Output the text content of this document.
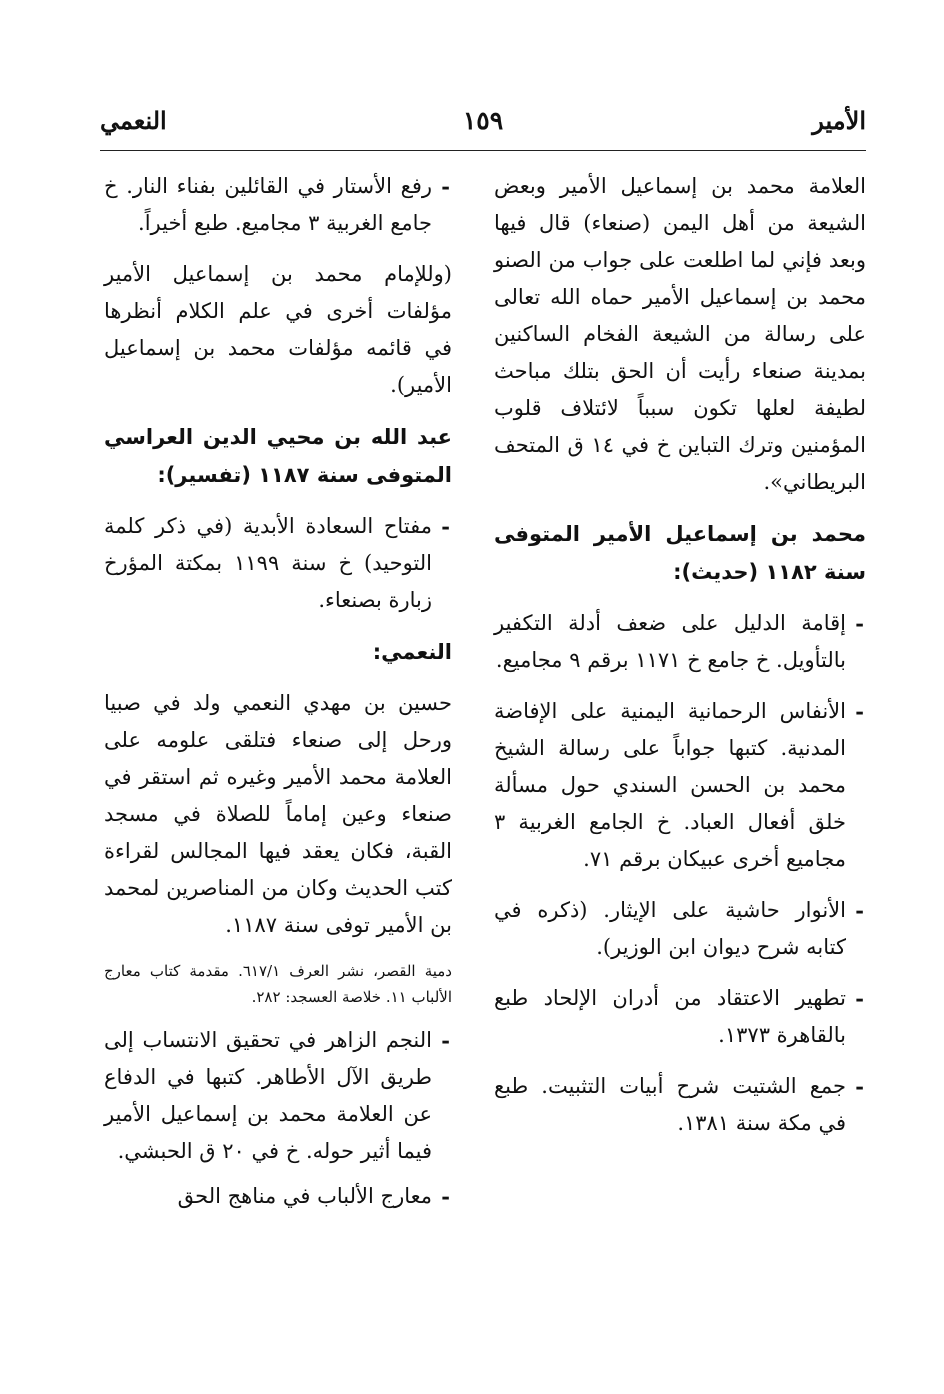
الأمير
١٥٩
النعمي

العلامة محمد بن إسماعيل الأمير وبعض الشيعة من أهل اليمن (صنعاء) قال فيها وبعد فإني لما اطلعت على جواب من الصنو محمد بن إسماعيل الأمير حماه الله تعالى على رسالة من الشيعة الفخام الساكنين بمدينة صنعاء رأيت أن الحق بتلك مباحث لطيفة لعلها تكون سبباً لائتلاف قلوب المؤمنين وترك التباين خ في ١٤ ق المتحف البريطاني».

محمد بن إسماعيل الأمير المتوفى سنة ١١٨٢ (حديث):
- إقامة الدليل على ضعف أدلة التكفير بالتأويل. خ جامع خ ١١٧١ برقم ٩ مجاميع.
- الأنفاس الرحمانية اليمنية على الإفاضة المدنية. كتبها جواباً على رسالة الشيخ محمد بن الحسن السندي حول مسألة خلق أفعال العباد. خ الجامع الغربية ٣ مجاميع أخرى عبيكان برقم ٧١.
- الأنوار حاشية على الإيثار. (ذكره في كتابه شرح ديوان ابن الوزير).
- تطهير الاعتقاد من أدران الإلحاد طبع بالقاهرة ١٣٧٣.
- جمع الشتيت شرح أبيات التثبيت. طبع في مكة سنة ١٣٨١.
- رفع الأستار في القائلين بفناء النار. خ جامع الغربية ٣ مجاميع. طبع أخيراً.

(وللإمام محمد بن إسماعيل الأمير مؤلفات أخرى في علم الكلام أنظرها في قائمه مؤلفات محمد بن إسماعيل الأمير).

عبد الله بن محيي الدين العراسي المتوفى سنة ١١٨٧ (تفسير):
- مفتاح السعادة الأبدية (في ذكر كلمة التوحيد) خ سنة ١١٩٩ بمكتة المؤرخ زبارة بصنعاء.
النعمي:

حسين بن مهدي النعمي ولد في صبيا ورحل إلى صنعاء فتلقى علومه على العلامة محمد الأمير وغيره ثم استقر في صنعاء وعين إماماً للصلاة في مسجد القبة، فكان يعقد فيها المجالس لقراءة كتب الحديث وكان من المناصرين لمحمد بن الأمير توفى سنة ١١٨٧.

دمية القصر، نشر العرف ٦١٧/١. مقدمة كتاب معارج الألباب ١١. خلاصة العسجد: ٢٨٢.

- النجم الزاهر في تحقيق الانتساب إلى طريق الآل الأطاهر. كتبها في الدفاع عن العلامة محمد بن إسماعيل الأمير فيما أثير حوله. خ في ٢٠ ق الحبشي.
- معارج الألباب في مناهج الحق
